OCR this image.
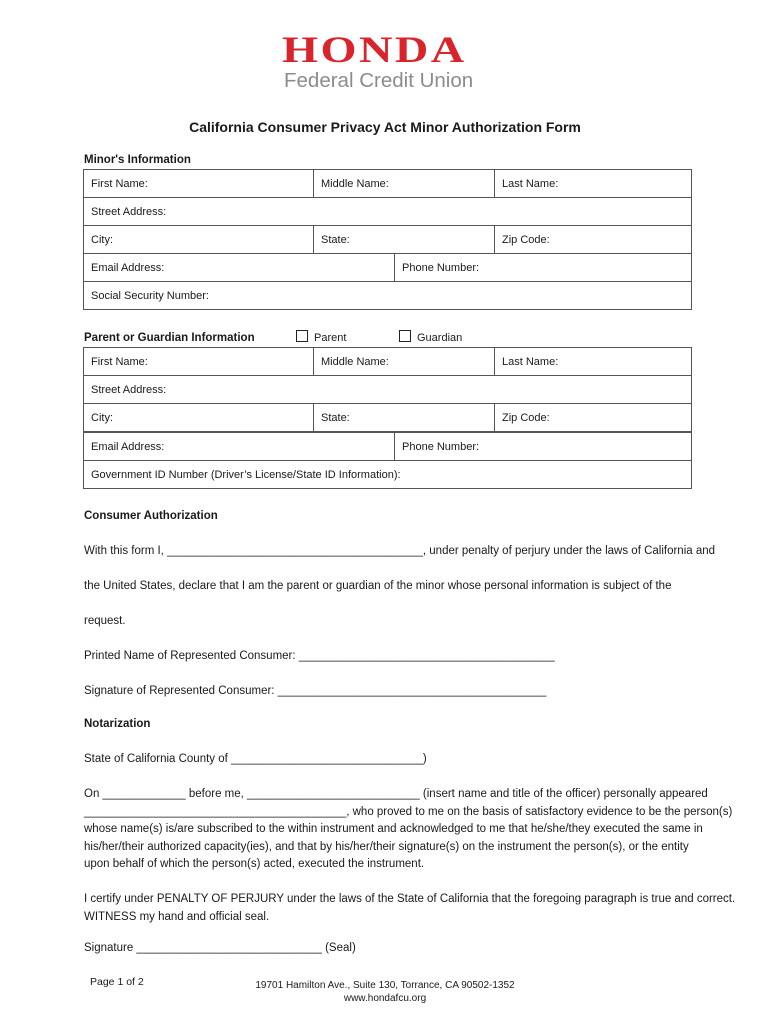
HONDA
Federal Credit Union
California Consumer Privacy Act Minor Authorization Form
Minor's Information
First Name:	Middle Name:	Last Name:
Street Address:		
City:	State:	Zip Code:
Email Address:	Phone Number:
Social Security Number:
Parent or Guardian Information	Parent	Guardian
First Name:	Middle Name:	Last Name:
Street Address:		
City:	State:	Zip Code:
Email Address:	Phone Number:
Government ID Number (Driver’s License/State ID Information):
Consumer Authorization
With this form I, ________________________________________, under penalty of perjury under the laws of California and
the United States, declare that I am the parent or guardian of the minor whose personal information is subject of the
request.
Printed Name of Represented Consumer: ________________________________________
Signature of Represented Consumer: __________________________________________
Notarization
State of California County of ______________________________)
On _____________ before me, ___________________________ (insert name and title of the officer) personally appeared
_________________________________________, who proved to me on the basis of satisfactory evidence to be the person(s)
whose name(s) is/are subscribed to the within instrument and acknowledged to me that he/she/they executed the same in
his/her/their authorized capacity(ies), and that by his/her/their signature(s) on the instrument the person(s), or the entity
upon behalf of which the person(s) acted, executed the instrument.
I certify under PENALTY OF PERJURY under the laws of the State of California that the foregoing paragraph is true and correct.
WITNESS my hand and official seal.
Signature _____________________________ (Seal)
Page 1 of 2	19701 Hamilton Ave., Suite 130, Torrance, CA 90502-1352
www.hondafcu.org
